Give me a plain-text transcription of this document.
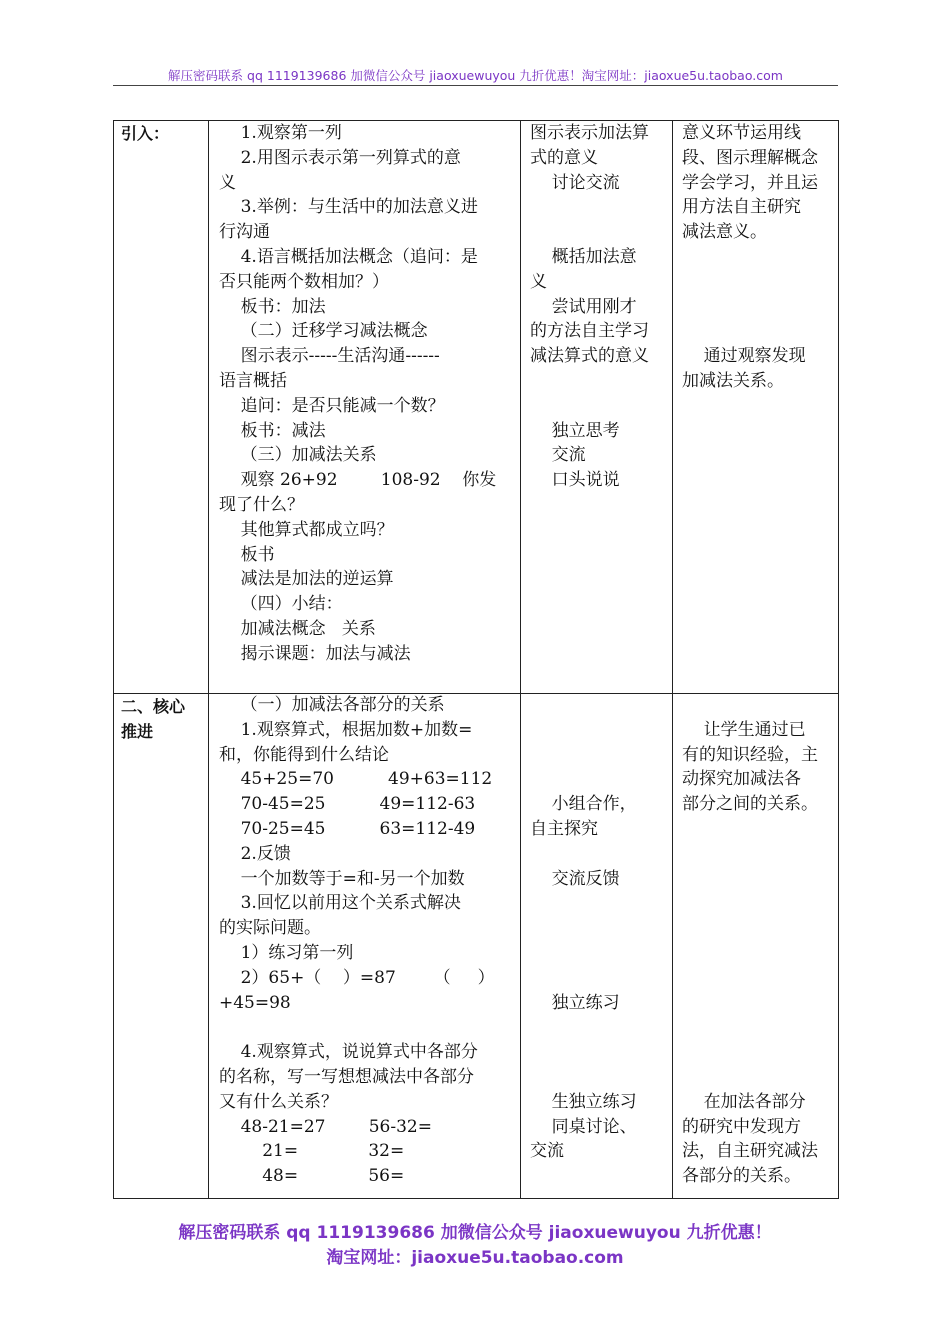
解压密码联系 qq 1119139686 加微信公众号 jiaoxuewuyou 九折优惠！淘宝网址：jiaoxue5u.taobao.com
引入：	1.观察第一列
2.用图示表示第一列算式的意
义
3.举例：与生活中的加法意义进
行沟通
4.语言概括加法概念（追问：是
否只能两个数相加？）
板书：加法
（二）迁移学习减法概念
图示表示-----生活沟通------
语言概括
追问：是否只能减一个数？
板书：减法
（三）加减法关系
观察 26+92        108-92    你发
现了什么？
其他算式都成立吗？
板书
减法是加法的逆运算
（四）小结：
加减法概念   关系
揭示课题：加法与减法
图示表示加法算
式的意义
讨论交流
概括加法意
义
尝试用刚才
的方法自主学习
减法算式的意义
独立思考
交流
口头说说
意义环节运用线
段、图示理解概念
学会学习，并且运
用方法自主研究
减法意义。
通过观察发现
加减法关系。
二、核心
推进
（一）加减法各部分的关系
1.观察算式，根据加数+加数=
和，你能得到什么结论
45+25=70          49+63=112
70-45=25          49=112-63
70-25=45          63=112-49
2.反馈
一个加数等于=和-另一个加数
3.回忆以前用这个关系式解决
的实际问题。
1）练习第一列
2）65+（    ）=87       （     ）
+45=98
4.观察算式，说说算式中各部分
的名称，写一写想想减法中各部分
又有什么关系？
48-21=27        56-32=
21=             32=
48=             56=
小组合作，
自主探究
交流反馈
独立练习
生独立练习
同桌讨论、
交流
让学生通过已
有的知识经验，主
动探究加减法各
部分之间的关系。
在加法各部分
的研究中发现方
法，自主研究减法
各部分的关系。
解压密码联系 qq 1119139686 加微信公众号 jiaoxuewuyou 九折优惠！
淘宝网址：jiaoxue5u.taobao.com
